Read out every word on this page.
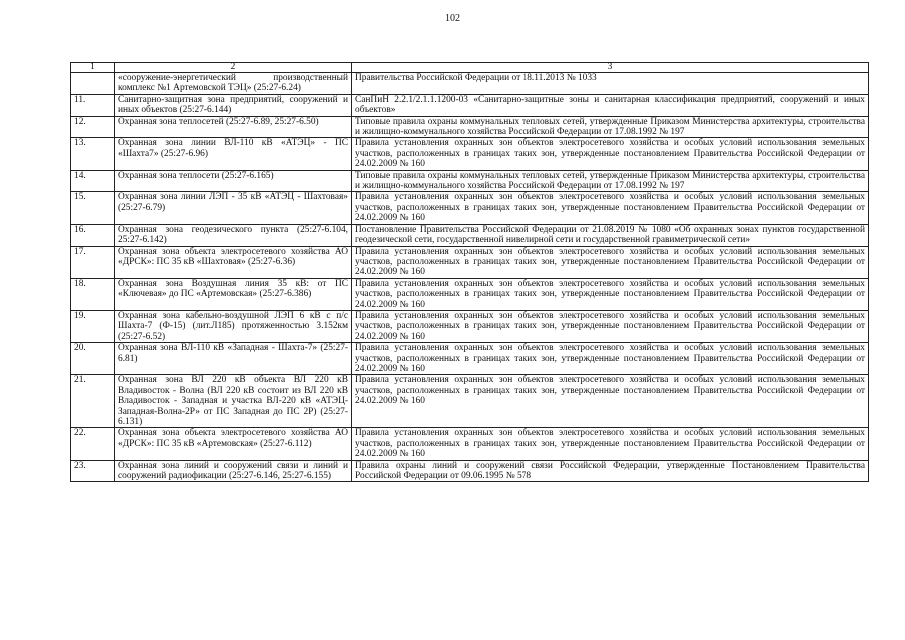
102
1	2	3
	«сооружение-энергетический производственный комплекс №1 Артемовской ТЭЦ» (25:27-6.24)	Правительства Российской Федерации от 18.11.2013 № 1033
11.	Санитарно-защитная зона предприятий, сооружений и иных объектов (25:27-6.144)	СанПиН 2.2.1/2.1.1.1200-03 «Санитарно-защитные зоны и санитарная классификация предприятий, сооружений и иных объектов»
12.	Охранная зона теплосетей (25:27-6.89, 25:27-6.50)	Типовые правила охраны коммунальных тепловых сетей, утвержденные Приказом Министерства архитектуры, строительства и жилищно-коммунального хозяйства Российской Федерации от 17.08.1992 № 197
13.	Охранная зона линии ВЛ-110 кВ «АТЭЦ» - ПС «Шахта7» (25:27-6.96)	Правила установления охранных зон объектов электросетевого хозяйства и особых условий использования земельных участков, расположенных в границах таких зон, утвержденные постановлением Правительства Российской Федерации от 24.02.2009 № 160
14.	Охранная зона теплосети (25:27-6.165)	Типовые правила охраны коммунальных тепловых сетей, утвержденные Приказом Министерства архитектуры, строительства и жилищно-коммунального хозяйства Российской Федерации от 17.08.1992 № 197
15.	Охранная зона линии ЛЭП - 35 кВ «АТЭЦ - Шахтовая» (25:27-6.79)	Правила установления охранных зон объектов электросетевого хозяйства и особых условий использования земельных участков, расположенных в границах таких зон, утвержденные постановлением Правительства Российской Федерации от 24.02.2009 № 160
16.	Охранная зона геодезического пункта (25:27-6.104, 25:27-6.142)	Постановление Правительства Российской Федерации от 21.08.2019 № 1080 «Об охранных зонах пунктов государственной геодезической сети, государственной нивелирной сети и государственной гравиметрической сети»
17.	Охранная зона объекта электросетевого хозяйства АО «ДРСК»: ПС 35 кВ «Шахтовая» (25:27-6.36)	Правила установления охранных зон объектов электросетевого хозяйства и особых условий использования земельных участков, расположенных в границах таких зон, утвержденные постановлением Правительства Российской Федерации от 24.02.2009 № 160
18.	Охранная зона Воздушная линия 35 кВ: от ПС «Ключевая» до ПС «Артемовская» (25:27-6.386)	Правила установления охранных зон объектов электросетевого хозяйства и особых условий использования земельных участков, расположенных в границах таких зон, утвержденные постановлением Правительства Российской Федерации от 24.02.2009 № 160
19.	Охранная зона кабельно-воздушной ЛЭП 6 кВ с п/с Шахта-7 (Ф-15) (лит.Л185) протяженностью 3.152км (25:27-6.52)	Правила установления охранных зон объектов электросетевого хозяйства и особых условий использования земельных участков, расположенных в границах таких зон, утвержденные постановлением Правительства Российской Федерации от 24.02.2009 № 160
20.	Охранная зона ВЛ-110 кВ «Западная - Шахта-7» (25:27-6.81)	Правила установления охранных зон объектов электросетевого хозяйства и особых условий использования земельных участков, расположенных в границах таких зон, утвержденные постановлением Правительства Российской Федерации от 24.02.2009 № 160
21.	Охранная зона ВЛ 220 кВ объекта ВЛ 220 кВ Владивосток - Волна (ВЛ 220 кВ состоит из ВЛ 220 кВ Владивосток - Западная и участка ВЛ-220 кВ «АТЭЦ-Западная-Волна-2Р» от ПС Западная до ПС 2Р) (25:27-6.131)	Правила установления охранных зон объектов электросетевого хозяйства и особых условий использования земельных участков, расположенных в границах таких зон, утвержденные постановлением Правительства Российской Федерации от 24.02.2009 № 160
22.	Охранная зона объекта электросетевого хозяйства АО «ДРСК»: ПС 35 кВ «Артемовская» (25:27-6.112)	Правила установления охранных зон объектов электросетевого хозяйства и особых условий использования земельных участков, расположенных в границах таких зон, утвержденные постановлением Правительства Российской Федерации от 24.02.2009 № 160
23.	Охранная зона линий и сооружений связи и линий и сооружений радиофикации (25:27-6.146, 25:27-6.155)	Правила охраны линий и сооружений связи Российской Федерации, утвержденные Постановлением Правительства Российской Федерации от 09.06.1995 № 578
